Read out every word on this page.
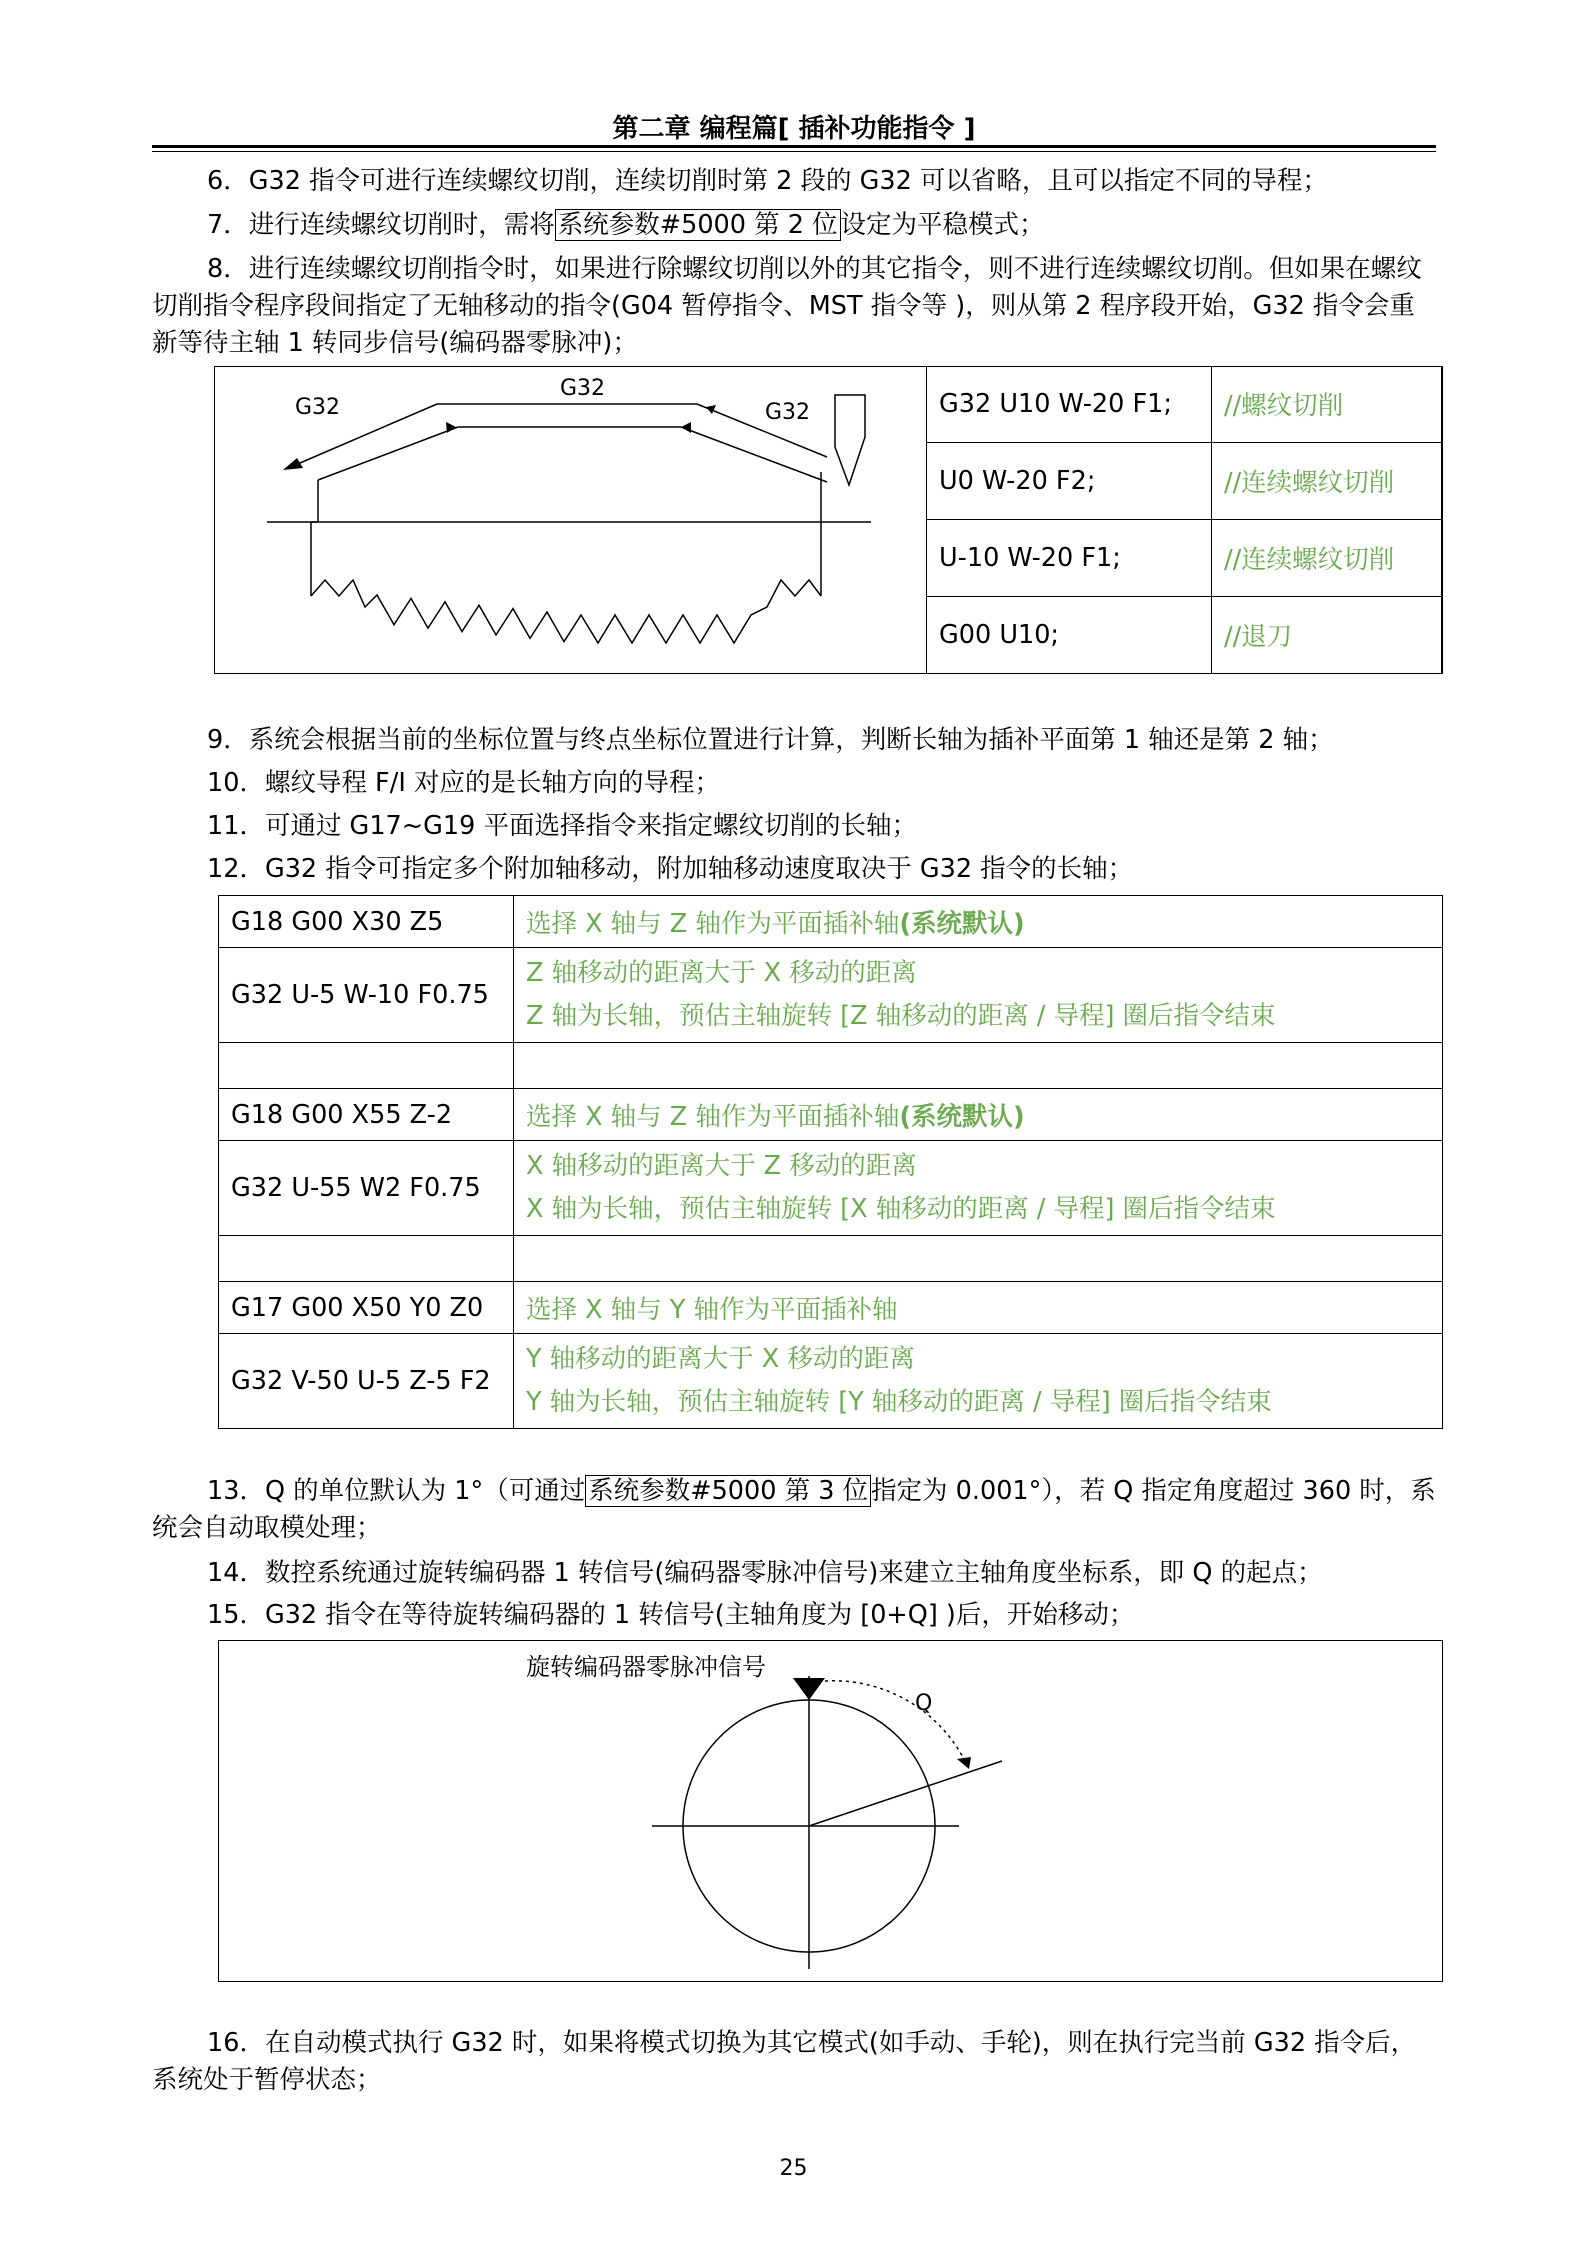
第二章 编程篇[ 插补功能指令 ]
6．G32 指令可进行连续螺纹切削，连续切削时第 2 段的 G32 可以省略，且可以指定不同的导程；
7．进行连续螺纹切削时，需将 系统参数#5000 第 2 位 设定为平稳模式；
8．进行连续螺纹切削指令时，如果进行除螺纹切削以外的其它指令，则不进行连续螺纹切削。但如果在螺纹切削指令程序段间指定了无轴移动的指令(G04 暂停指令、MST 指令等 )，则从第 2 程序段开始，G32 指令会重新等待主轴 1 转同步信号(编码器零脉冲)；
G32
G32
G32	G32 U10 W-20 F1;	//螺纹切削
U0 W-20 F2;	//连续螺纹切削
U-10 W-20 F1;	//连续螺纹切削
G00 U10;	//退刀
9．系统会根据当前的坐标位置与终点坐标位置进行计算，判断长轴为插补平面第 1 轴还是第 2 轴；
10．螺纹导程 F/I 对应的是长轴方向的导程；
11．可通过 G17~G19 平面选择指令来指定螺纹切削的长轴；
12．G32 指令可指定多个附加轴移动，附加轴移动速度取决于 G32 指令的长轴；
G18 G00 X30 Z5	选择 X 轴与 Z 轴作为平面插补轴(系统默认)
G32 U-5 W-10 F0.75	Z 轴移动的距离大于 X 移动的距离
Z 轴为长轴，预估主轴旋转 [Z 轴移动的距离 / 导程] 圈后指令结束

G18 G00 X55 Z-2	选择 X 轴与 Z 轴作为平面插补轴(系统默认)
G32 U-55 W2 F0.75	X 轴移动的距离大于 Z 移动的距离
X 轴为长轴，预估主轴旋转 [X 轴移动的距离 / 导程] 圈后指令结束

G17 G00 X50 Y0 Z0	选择 X 轴与 Y 轴作为平面插补轴
G32 V-50 U-5 Z-5 F2	Y 轴移动的距离大于 X 移动的距离
Y 轴为长轴，预估主轴旋转 [Y 轴移动的距离 / 导程] 圈后指令结束
13．Q 的单位默认为 1°（可通过 系统参数#5000 第 3 位 指定为 0.001°），若 Q 指定角度超过 360 时，系统会自动取模处理；
14．数控系统通过旋转编码器 1 转信号(编码器零脉冲信号)来建立主轴角度坐标系，即 Q 的起点；
15．G32 指令在等待旋转编码器的 1 转信号(主轴角度为 [0+Q] )后，开始移动；
旋转编码器零脉冲信号
Q
16．在自动模式执行 G32 时，如果将模式切换为其它模式(如手动、手轮)，则在执行完当前 G32 指令后，系统处于暂停状态；
25
